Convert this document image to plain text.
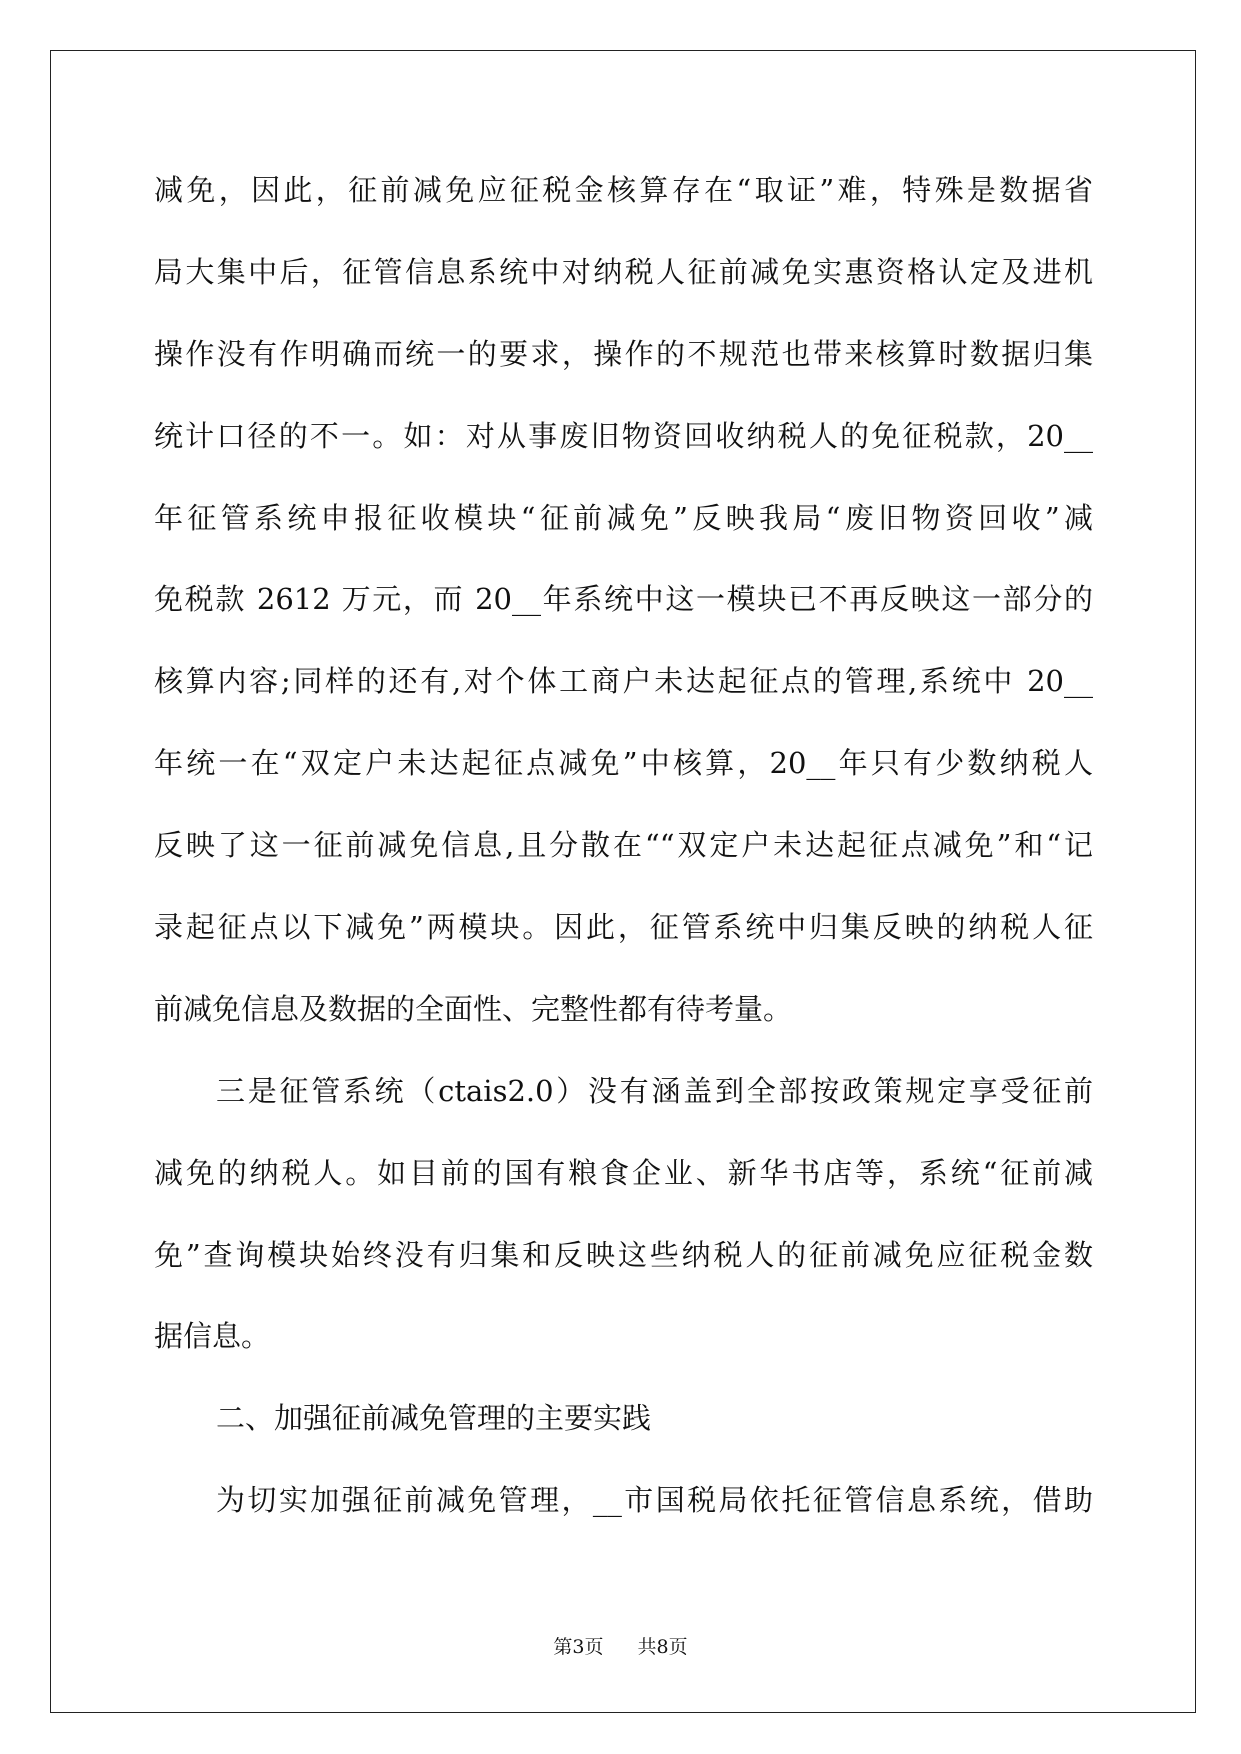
减免，因此，征前减免应征税金核算存在“取证”难，特殊是数据省
局大集中后，征管信息系统中对纳税人征前减免实惠资格认定及进机
操作没有作明确而统一的要求，操作的不规范也带来核算时数据归集
统计口径的不一。如：对从事废旧物资回收纳税人的免征税款，20__
年征管系统申报征收模块“征前减免”反映我局“废旧物资回收”减
免税款 2612 万元，而 20__年系统中这一模块已不再反映这一部分的
核算内容;同样的还有,对个体工商户未达起征点的管理,系统中 20__
年统一在“双定户未达起征点减免”中核算，20__年只有少数纳税人
反映了这一征前减免信息,且分散在““双定户未达起征点减免”和“记
录起征点以下减免”两模块。因此，征管系统中归集反映的纳税人征
前减免信息及数据的全面性、完整性都有待考量。
三是征管系统（ctais2.0）没有涵盖到全部按政策规定享受征前
减免的纳税人。如目前的国有粮食企业、新华书店等，系统“征前减
免”查询模块始终没有归集和反映这些纳税人的征前减免应征税金数
据信息。
二、加强征前减免管理的主要实践
为切实加强征前减免管理，__市国税局依托征管信息系统，借助
第3页 共8页
